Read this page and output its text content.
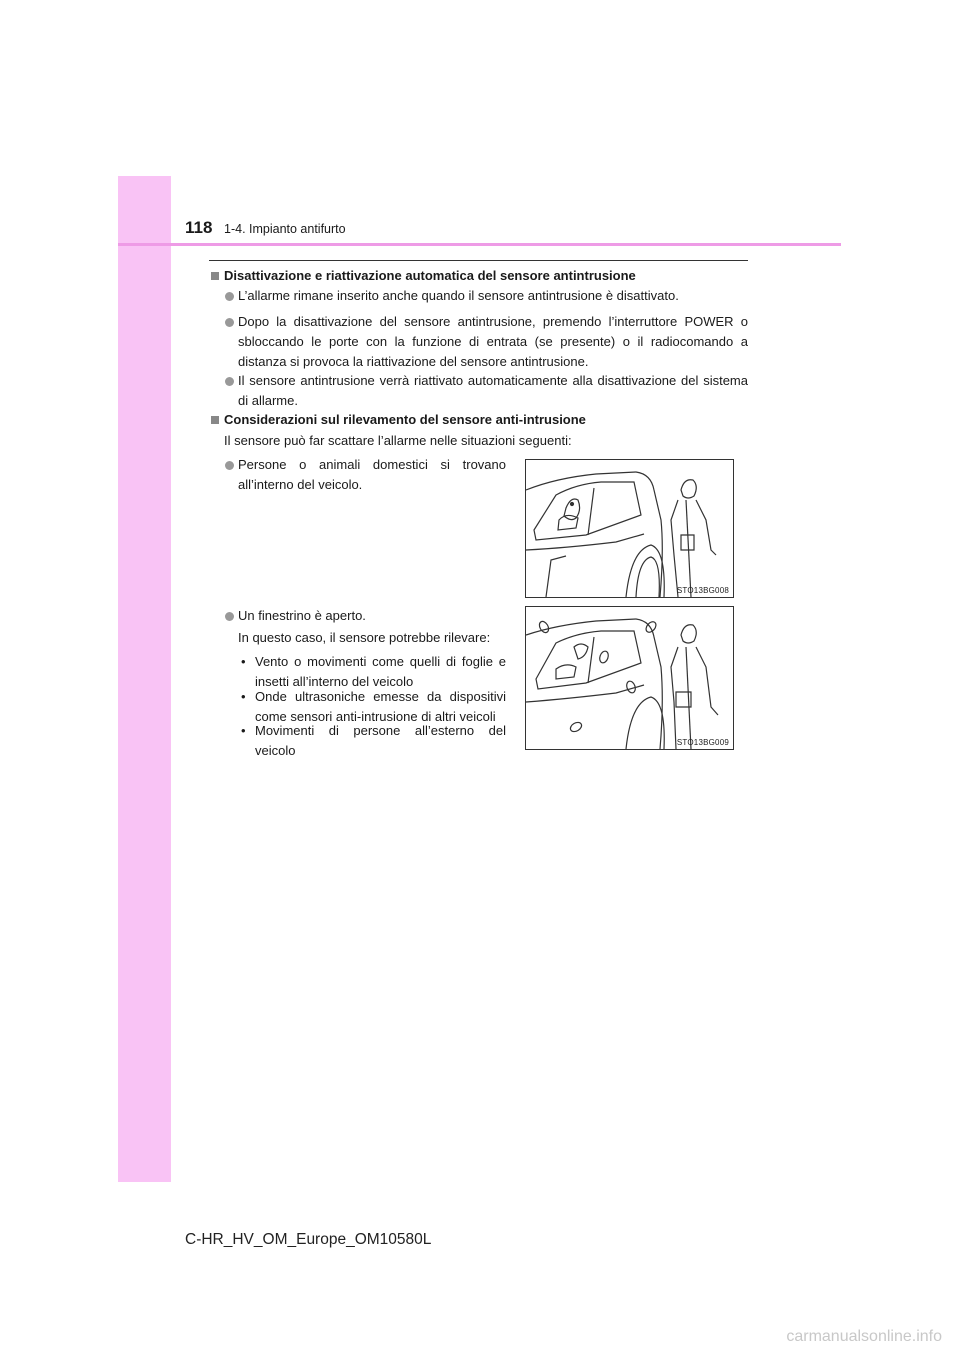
118 1-4. Impianto antifurto
Disattivazione e riattivazione automatica del sensore antintrusione
L’allarme rimane inserito anche quando il sensore antintrusione è disattivato.
Dopo la disattivazione del sensore antintrusione, premendo l’interruttore POWER o sbloccando le porte con la funzione di entrata (se presente) o il radiocomando a distanza si provoca la riattivazione del sensore antintrusione.
Il sensore antintrusione verrà riattivato automaticamente alla disattivazione del sistema di allarme.
Considerazioni sul rilevamento del sensore anti-intrusione
Il sensore può far scattare l’allarme nelle situazioni seguenti:
Persone o animali domestici si trovano all’interno del veicolo.
STO13BG008
Un finestrino è aperto.
In questo caso, il sensore potrebbe rilevare:
• Vento o movimenti come quelli di foglie e insetti all’interno del veicolo
• Onde ultrasoniche emesse da dispositivi come sensori anti-intrusione di altri veicoli
• Movimenti di persone all’esterno del veicolo
STO13BG009
C-HR_HV_OM_Europe_OM10580L
carmanualsonline.info
